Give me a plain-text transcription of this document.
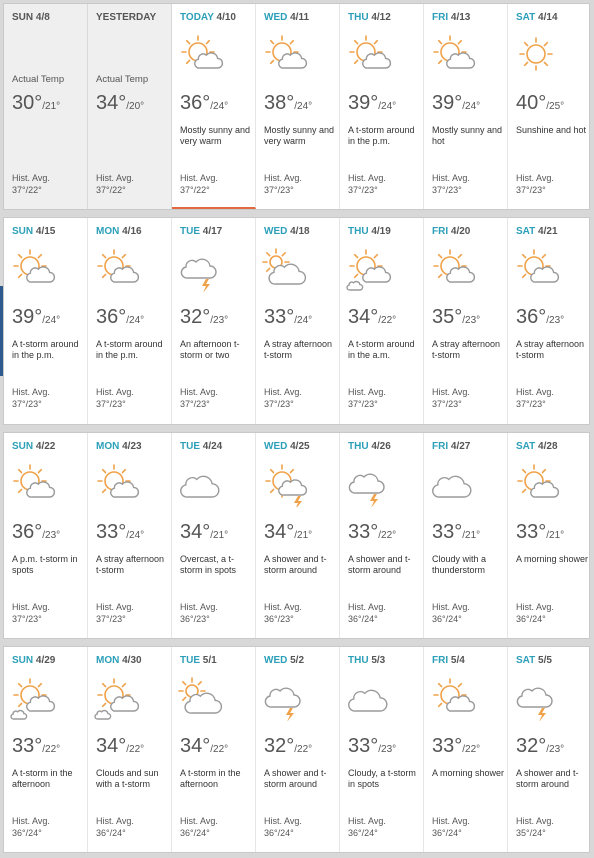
SUN 4/8
Actual Temp
30°/21°
Hist. Avg.
37°/22°
YESTERDAY
Actual Temp
34°/20°
Hist. Avg.
37°/22°
TODAY 4/10
36°/24°
Mostly sunny and very warm
Hist. Avg.
37°/22°
WED 4/11
38°/24°
Mostly sunny and very warm
Hist. Avg.
37°/23°
THU 4/12
39°/24°
A t-storm around in the p.m.
Hist. Avg.
37°/23°
FRI 4/13
39°/24°
Mostly sunny and hot
Hist. Avg.
37°/23°
SAT 4/14
40°/25°
Sunshine and hot
Hist. Avg.
37°/23°
SUN 4/15
39°/24°
A t-storm around in the p.m.
Hist. Avg.
37°/23°
MON 4/16
36°/24°
A t-storm around in the p.m.
Hist. Avg.
37°/23°
TUE 4/17
32°/23°
An afternoon t-storm or two
Hist. Avg.
37°/23°
WED 4/18
33°/24°
A stray afternoon t-storm
Hist. Avg.
37°/23°
THU 4/19
34°/22°
A t-storm around in the a.m.
Hist. Avg.
37°/23°
FRI 4/20
35°/23°
A stray afternoon t-storm
Hist. Avg.
37°/23°
SAT 4/21
36°/23°
A stray afternoon t-storm
Hist. Avg.
37°/23°
SUN 4/22
36°/23°
A p.m. t-storm in spots
Hist. Avg.
37°/23°
MON 4/23
33°/24°
A stray afternoon t-storm
Hist. Avg.
37°/23°
TUE 4/24
34°/21°
Overcast, a t-storm in spots
Hist. Avg.
36°/23°
WED 4/25
34°/21°
A shower and t-storm around
Hist. Avg.
36°/23°
THU 4/26
33°/22°
A shower and t-storm around
Hist. Avg.
36°/24°
FRI 4/27
33°/21°
Cloudy with a thunderstorm
Hist. Avg.
36°/24°
SAT 4/28
33°/21°
A morning shower
Hist. Avg.
36°/24°
SUN 4/29
33°/22°
A t-storm in the afternoon
Hist. Avg.
36°/24°
MON 4/30
34°/22°
Clouds and sun with a t-storm
Hist. Avg.
36°/24°
TUE 5/1
34°/22°
A t-storm in the afternoon
Hist. Avg.
36°/24°
WED 5/2
32°/22°
A shower and t-storm around
Hist. Avg.
36°/24°
THU 5/3
33°/23°
Cloudy, a t-storm in spots
Hist. Avg.
36°/24°
FRI 5/4
33°/22°
A morning shower
Hist. Avg.
36°/24°
SAT 5/5
32°/23°
A shower and t-storm around
Hist. Avg.
35°/24°
